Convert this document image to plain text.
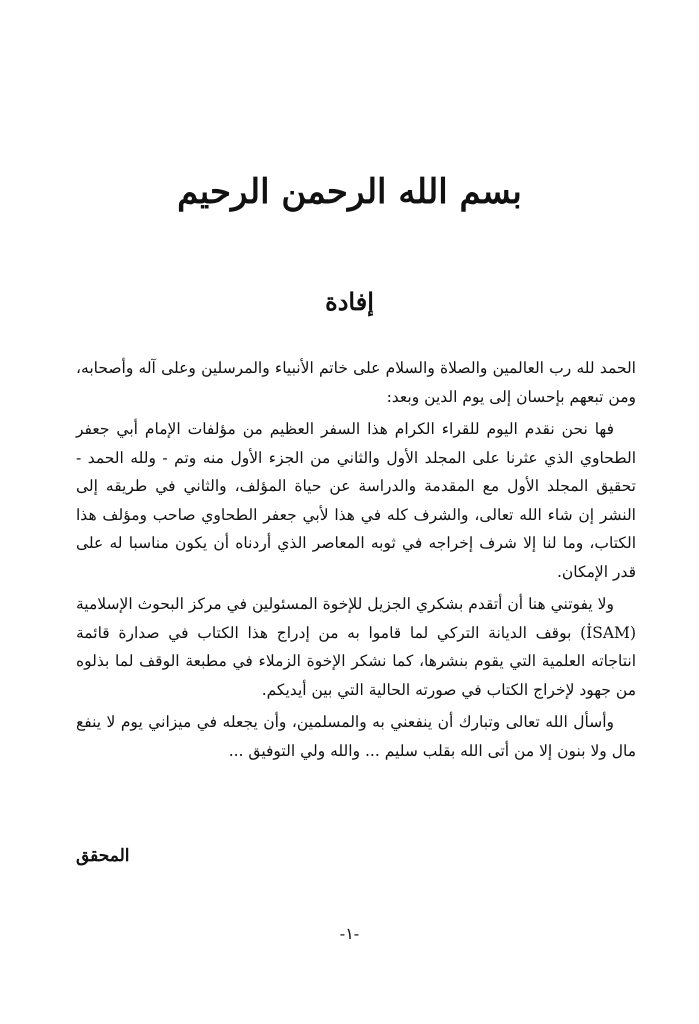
بسم الله الرحمن الرحيم
إفادة

الحمد لله رب العالمين والصلاة والسلام على خاتم الأنبياء والمرسلين وعلى آله وأصحابه، ومن تبعهم بإحسان إلى يوم الدين وبعد:

فها نحن نقدم اليوم للقراء الكرام هذا السفر العظيم من مؤلفات الإمام أبي جعفر الطحاوي الذي عثرنا على المجلد الأول والثاني من الجزء الأول منه وتم - ولله الحمد - تحقيق المجلد الأول مع المقدمة والدراسة عن حياة المؤلف، والثاني في طريقه إلى النشر إن شاء الله تعالى، والشرف كله في هذا لأبي جعفر الطحاوي صاحب ومؤلف هذا الكتاب، وما لنا إلا شرف إخراجه في ثوبه المعاصر الذي أردناه أن يكون مناسبا له على قدر الإمكان.

ولا يفوتني هنا أن أتقدم بشكري الجزيل للإخوة المسئولين في مركز البحوث الإسلامية (İSAM) بوقف الديانة التركي لما قاموا به من إدراج هذا الكتاب في صدارة قائمة انتاجاته العلمية التي يقوم بنشرها، كما نشكر الإخوة الزملاء في مطبعة الوقف لما بذلوه من جهود لإخراج الكتاب في صورته الحالية التي بين أيديكم.

وأسأل الله تعالى وتبارك أن ينفعني به والمسلمين، وأن يجعله في ميزاني يوم لا ينفع مال ولا بنون إلا من أتى الله بقلب سليم ... والله ولي التوفيق ...

المحقق
-١-
